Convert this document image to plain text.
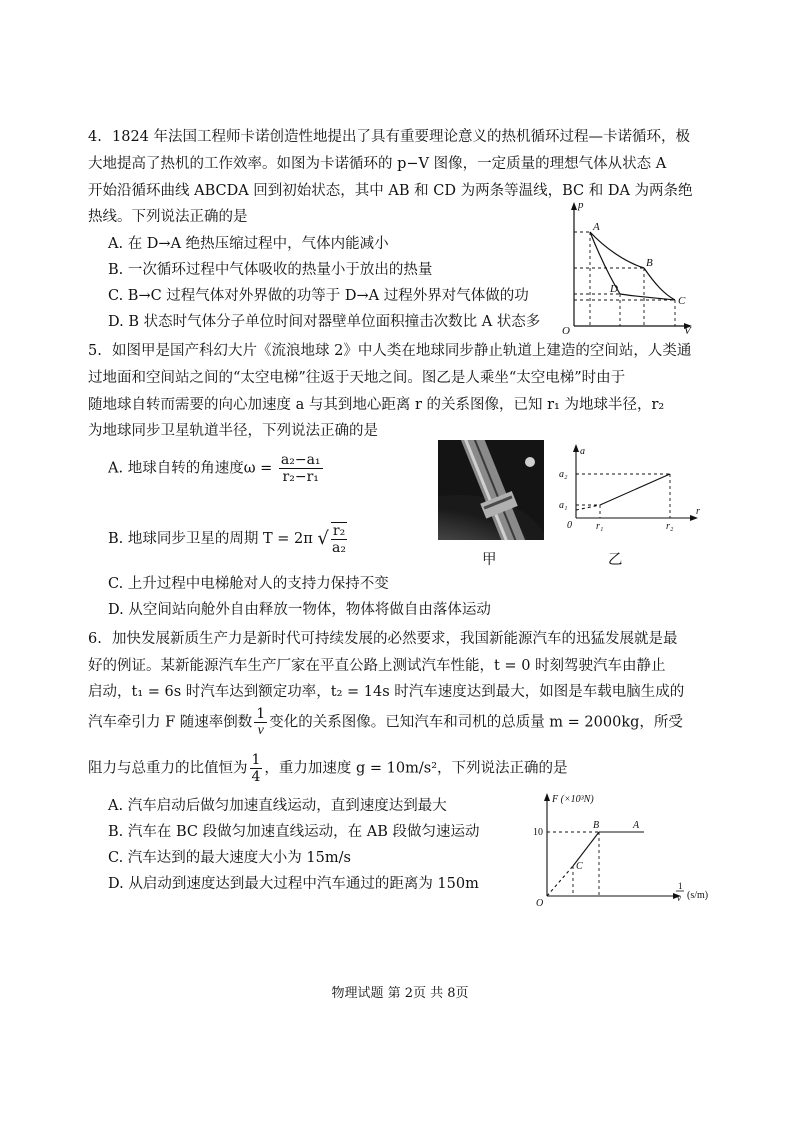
4. 1824 年法国工程师卡诺创造性地提出了具有重要理论意义的热机循环过程—卡诺循环，极
大地提高了热机的工作效率。如图为卡诺循环的 p−V 图像，一定质量的理想气体从状态 A
开始沿循环曲线 ABCDA 回到初始状态，其中 AB 和 CD 为两条等温线，BC 和 DA 为两条绝
热线。下列说法正确的是
A. 在 D→A 绝热压缩过程中，气体内能减小
B. 一次循环过程中气体吸收的热量小于放出的热量
C. B→C 过程气体对外界做的功等于 D→A 过程外界对气体做的功
D. B 状态时气体分子单位时间对器壁单位面积撞击次数比 A 状态多
p
V
O
A
B
C
D
5. 如图甲是国产科幻大片《流浪地球 2》中人类在地球同步静止轨道上建造的空间站，人类通
过地面和空间站之间的“太空电梯”往返于天地之间。图乙是人乘坐“太空电梯”时由于
随地球自转而需要的向心加速度 a 与其到地心距离 r 的关系图像，已知 r₁ 为地球半径，r₂
为地球同步卫星轨道半径，下列说法正确的是
A. 地球自转的角速度$\omega = \frac{\text{a₂−a₁}}{\text{r₂−r₁}}$
B. 地球同步卫星的周期 T = 2π √ $\frac{\text{r₂}}{\text{a₂}}$
C. 上升过程中电梯舱对人的支持力保持不变
D. 从空间站向舱外自由释放一物体，物体将做自由落体运动
甲
a
r
0
a₁
a₂
r₁	r₂
乙
6. 加快发展新质生产力是新时代可持续发展的必然要求，我国新能源汽车的迅猛发展就是最
好的例证。某新能源汽车生产厂家在平直公路上测试汽车性能，t = 0 时刻驾驶汽车由静止
启动，t₁ = 6s 时汽车达到额定功率，t₂ = 14s 时汽车速度达到最大，如图是车载电脑生成的
汽车牵引力 F 随速率倒数 $\frac{1}{v}$ 变化的关系图像。已知汽车和司机的总质量 m = 2000kg，所受
阻力与总重力的比值恒为 $\frac{1}{4}$ ，重力加速度 g = 10m/s²，下列说法正确的是
A. 汽车启动后做匀加速直线运动，直到速度达到最大
B. 汽车在 BC 段做匀加速直线运动，在 AB 段做匀速运动
C. 汽车达到的最大速度大小为 15m/s
D. 从启动到速度达到最大过程中汽车通过的距离为 150m
F (×10³N)
10
O
A
B
C
1
v (s/m)
物理试题 第 2页 共 8页
